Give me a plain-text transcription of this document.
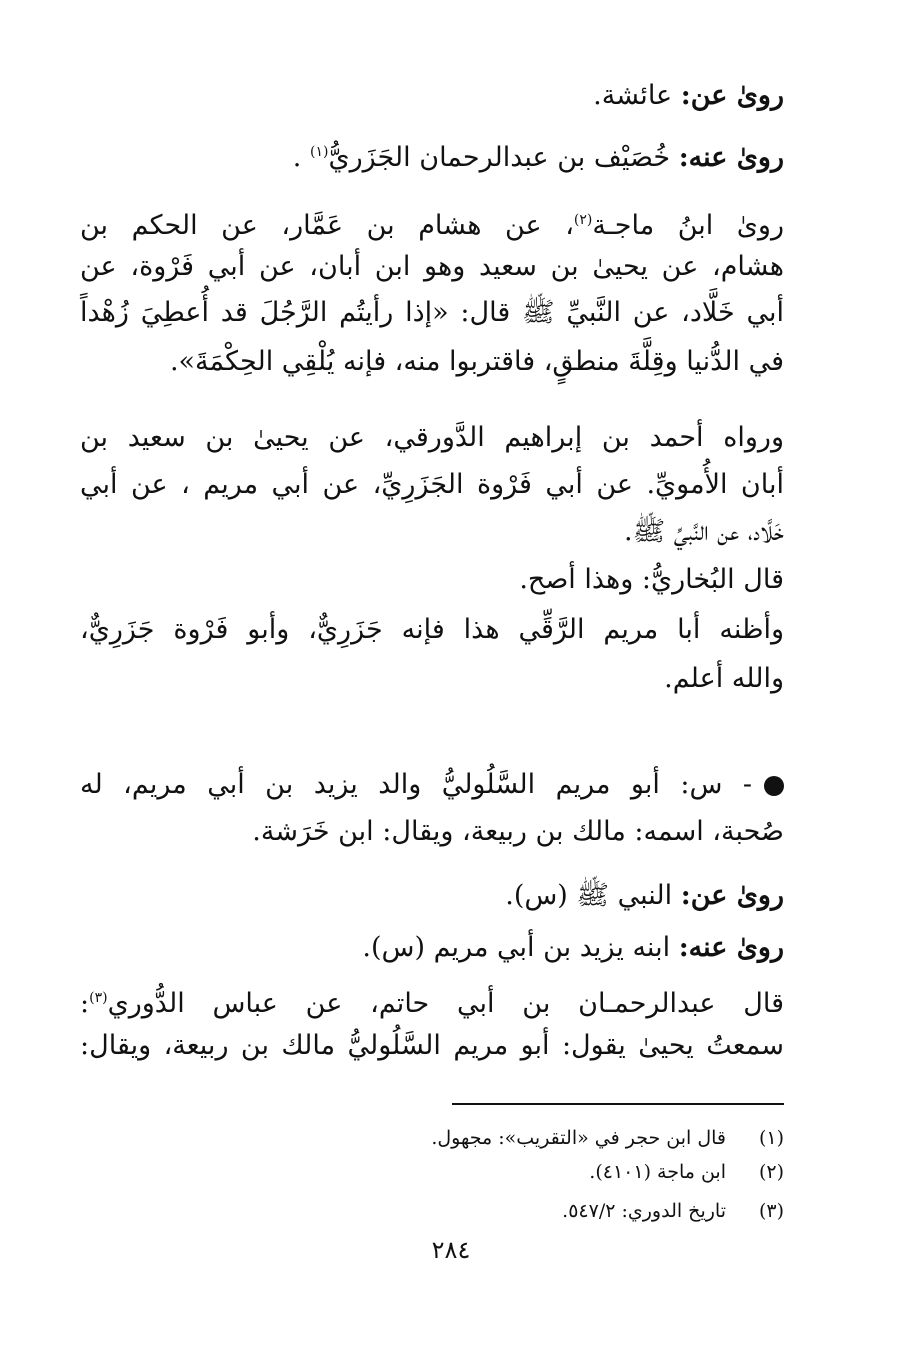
روىٰ عن: عائشة.
روىٰ عنه: خُصَيْف بن عبدالرحمان الجَزَريُّ$^{(١)}$ .
روىٰ ابنُ ماجـة$^{(٢)}$، عن هشام بن عَمَّار، عن الحكم بن
هشام، عن يحيىٰ بن سعيد وهو ابن أبان، عن أبي فَرْوة، عن
أبي خَلَّاد، عن النَّبيِّ ﷺ قال: «إذا رأيتُم الرَّجُلَ قد أُعطِيَ زُهْداً
في الدُّنيا وقِلَّةَ منطقٍ، فاقتربوا منه، فإنه يُلْقِي الحِكْمَةَ».
ورواه أحمد بن إبراهيم الدَّورقي، عن يحيىٰ بن سعيد بن
أبان الأُمويِّ. عن أبي فَرْوة الجَزَرِيِّ، عن أبي مريم ، عن أبي
خَلَّاد، عن النَّبيِّ ﷺ.
قال البُخاريُّ: وهذا أصح.
وأظنه أبا مريم الرَّقِّي هذا فإنه جَزَرِيٌّ، وأبو فَرْوة جَزَرِيٌّ،
والله أعلم.
- س: أبو مريم السَّلُوليُّ والد يزيد بن أبي مريم، له
صُحبة، اسمه: مالك بن ربيعة، ويقال: ابن خَرَشة.
روىٰ عن: النبي ﷺ (س).
روىٰ عنه: ابنه يزيد بن أبي مريم (س).
قال عبدالرحمـان بن أبي حاتم، عن عباس الدُّوري$^{(٣)}$:
سمعتُ يحيىٰ يقول: أبو مريم السَّلُوليُّ مالك بن ربيعة، ويقال:
(١)قال ابن حجر في «التقريب»: مجهول.
(٢)ابن ماجة (٤١٠١).
(٣)تاريخ الدوري: ٥٤٧/٢.
٢٨٤
